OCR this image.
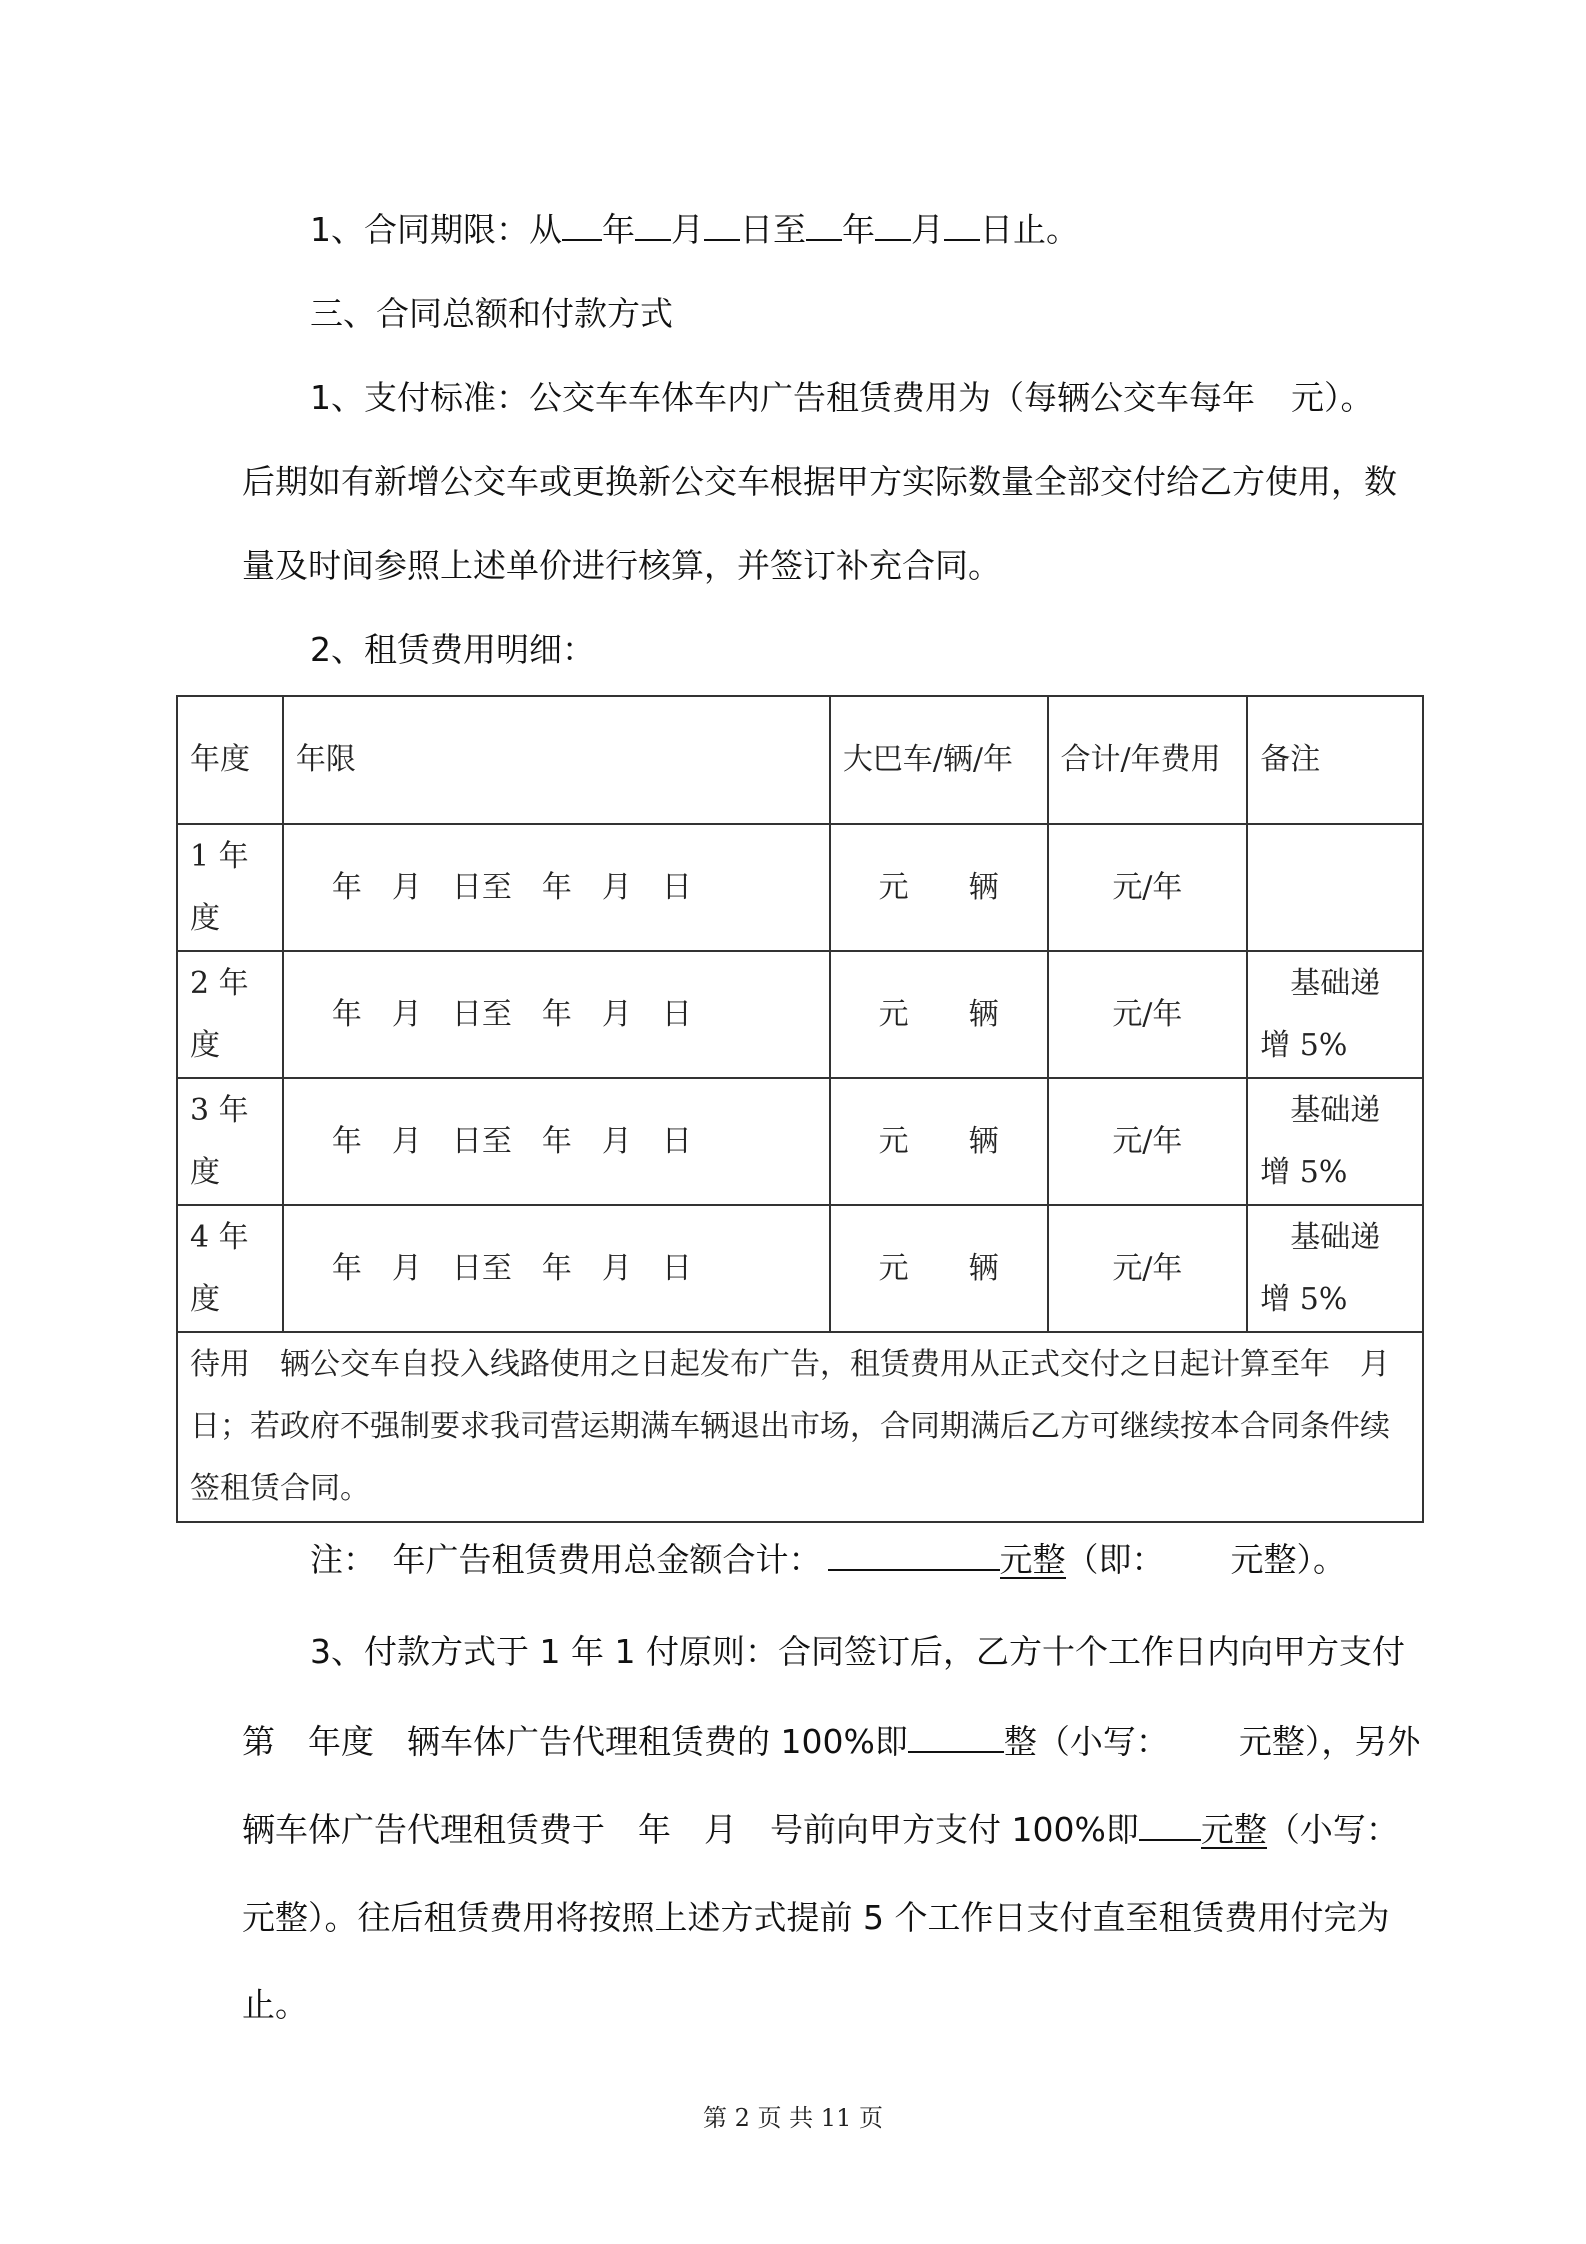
1、合同期限：从 年 月 日至 年 月 日止。
三、合同总额和付款方式
1、支付标准：公交车车体车内广告租赁费用为（每辆公交车每年 元）。
后期如有新增公交车或更换新公交车根据甲方实际数量全部交付给乙方使用，数
量及时间参照上述单价进行核算，并签订补充合同。
2、租赁费用明细：
年度	年限	大巴车/辆/年	合计/年费用	备注
1 年度	年　月　日至　年　月　日	元　　辆	元/年	
2 年度	年　月　日至　年　月　日	元　　辆	元/年	基础递增 5%
3 年度	年　月　日至　年　月　日	元　　辆	元/年	基础递增 5%
4 年度	年　月　日至　年　月　日	元　　辆	元/年	基础递增 5%
待用　辆公交车自投入线路使用之日起发布广告，租赁费用从正式交付之日起计算至年　月　日；若政府不强制要求我司营运期满车辆退出市场，合同期满后乙方可继续按本合同条件续签租赁合同。				
注：　年广告租赁费用总金额合计：	元整（即： 元整）。
3、付款方式于 1 年 1 付原则：合同签订后，乙方十个工作日内向甲方支付
第　年度　辆车体广告代理租赁费的 100%即	整（小写： 元整），另外
辆车体广告代理租赁费于　年　月　号前向甲方支付 100%即 元整（小写：
元整）。往后租赁费用将按照上述方式提前 5 个工作日支付直至租赁费用付完为
止。
第 2 页 共 11 页
